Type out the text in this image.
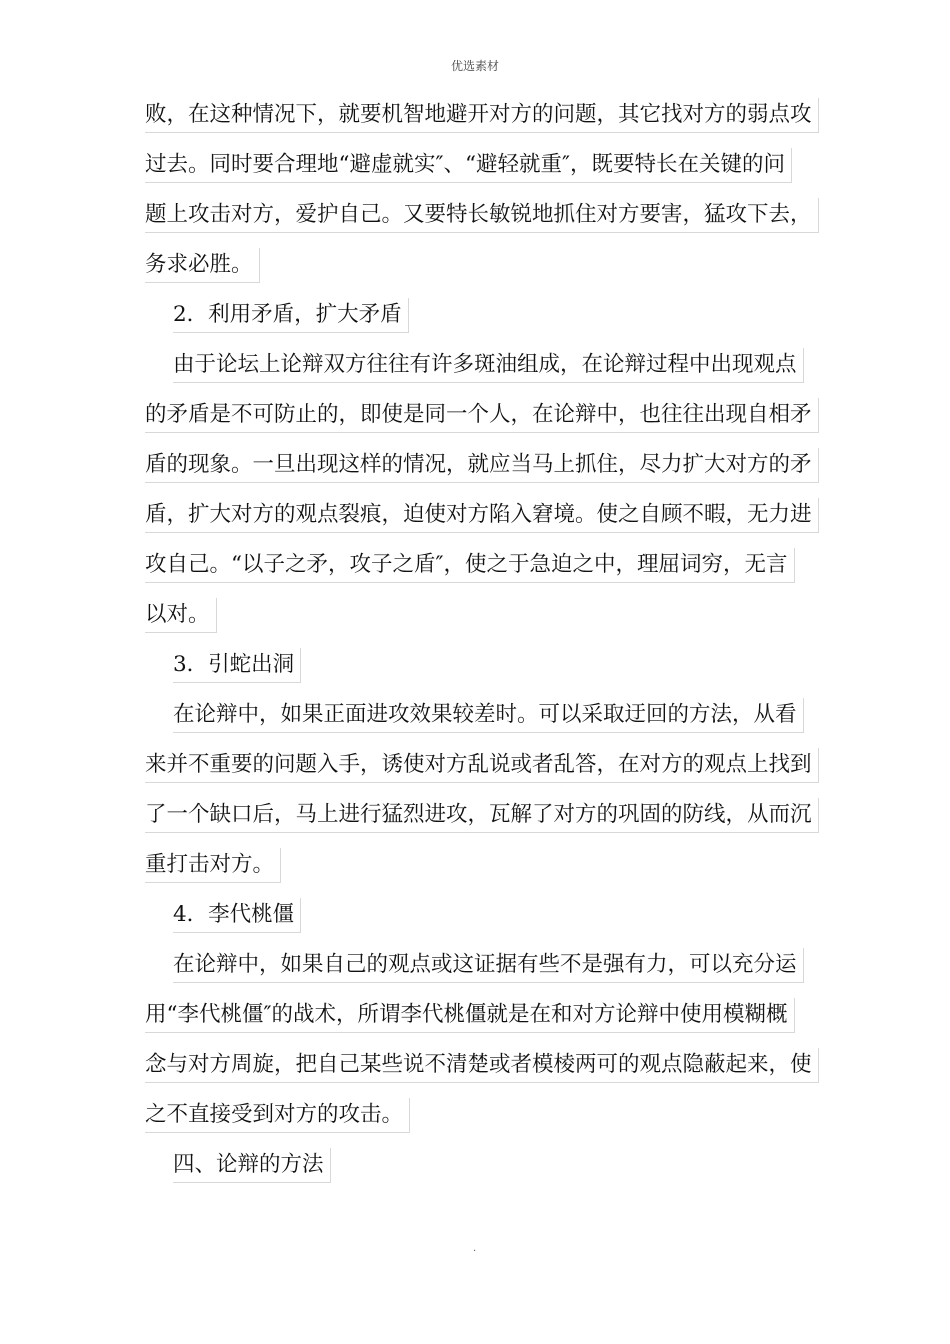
优选素材
败，在这种情况下，就要机智地避开对方的问题，其它找对方的弱点攻
过去。同时要合理地“避虚就实″、“避轻就重″，既要特长在关键的问
题上攻击对方，爱护自己。又要特长敏锐地抓住对方要害，猛攻下去，
务求必胜。
2．利用矛盾，扩大矛盾
由于论坛上论辩双方往往有许多斑油组成，在论辩过程中出现观点
的矛盾是不可防止的，即使是同一个人，在论辩中，也往往出现自相矛
盾的现象。一旦出现这样的情况，就应当马上抓住，尽力扩大对方的矛
盾，扩大对方的观点裂痕，迫使对方陷入窘境。使之自顾不暇，无力进
攻自己。“以子之矛，攻子之盾″，使之于急迫之中，理屈词穷，无言
以对。
3．引蛇出洞
在论辩中，如果正面进攻效果较差时。可以采取迂回的方法，从看
来并不重要的问题入手，诱使对方乱说或者乱答，在对方的观点上找到
了一个缺口后，马上进行猛烈进攻，瓦解了对方的巩固的防线，从而沉
重打击对方。
4．李代桃僵
在论辩中，如果自己的观点或这证据有些不是强有力，可以充分运
用“李代桃僵″的战术，所谓李代桃僵就是在和对方论辩中使用模糊概
念与对方周旋，把自己某些说不清楚或者模棱两可的观点隐蔽起来，使
之不直接受到对方的攻击。
四、论辩的方法
.
